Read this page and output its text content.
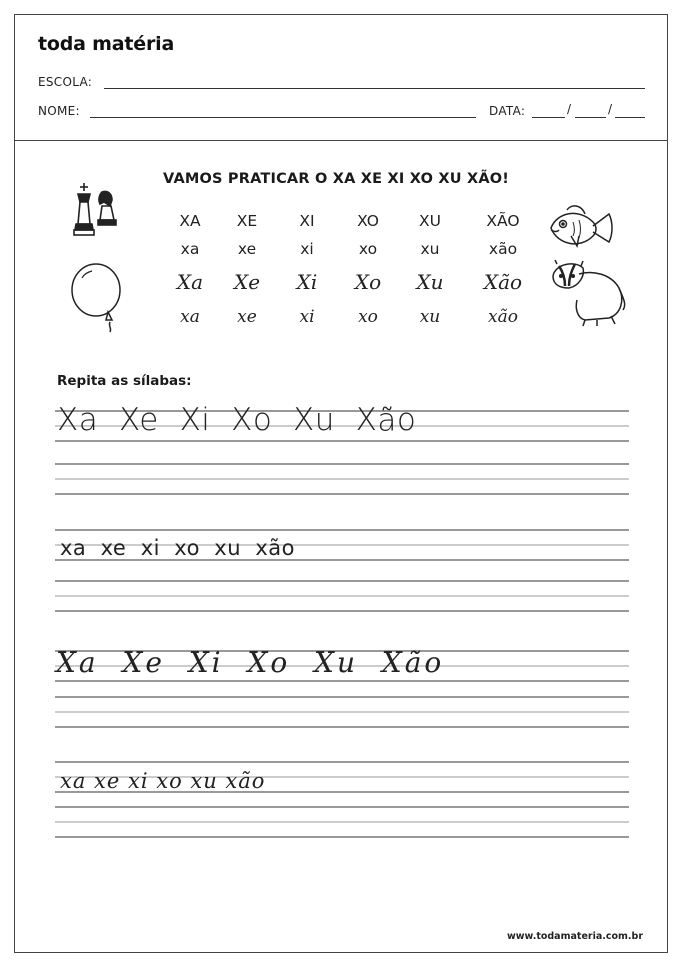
toda matéria
ESCOLA:
NOME:	DATA:	/	/
VAMOS PRATICAR O XA XE XI XO XU XÃO!
XA	XE	XI	XO	XU	XÃO
xa	xe	xi	xo	xu	xão
Xa	Xe	Xi	Xo	Xu	Xão
xa	xe	xi	xo	xu	xão
Repita as sílabas:
Xa  Xe  Xi  Xo  Xu  Xão
xa  xe  xi  xo  xu  xão
Xa  Xe  Xi  Xo  Xu  Xão
xa xe xi xo xu xão
www.todamateria.com.br
